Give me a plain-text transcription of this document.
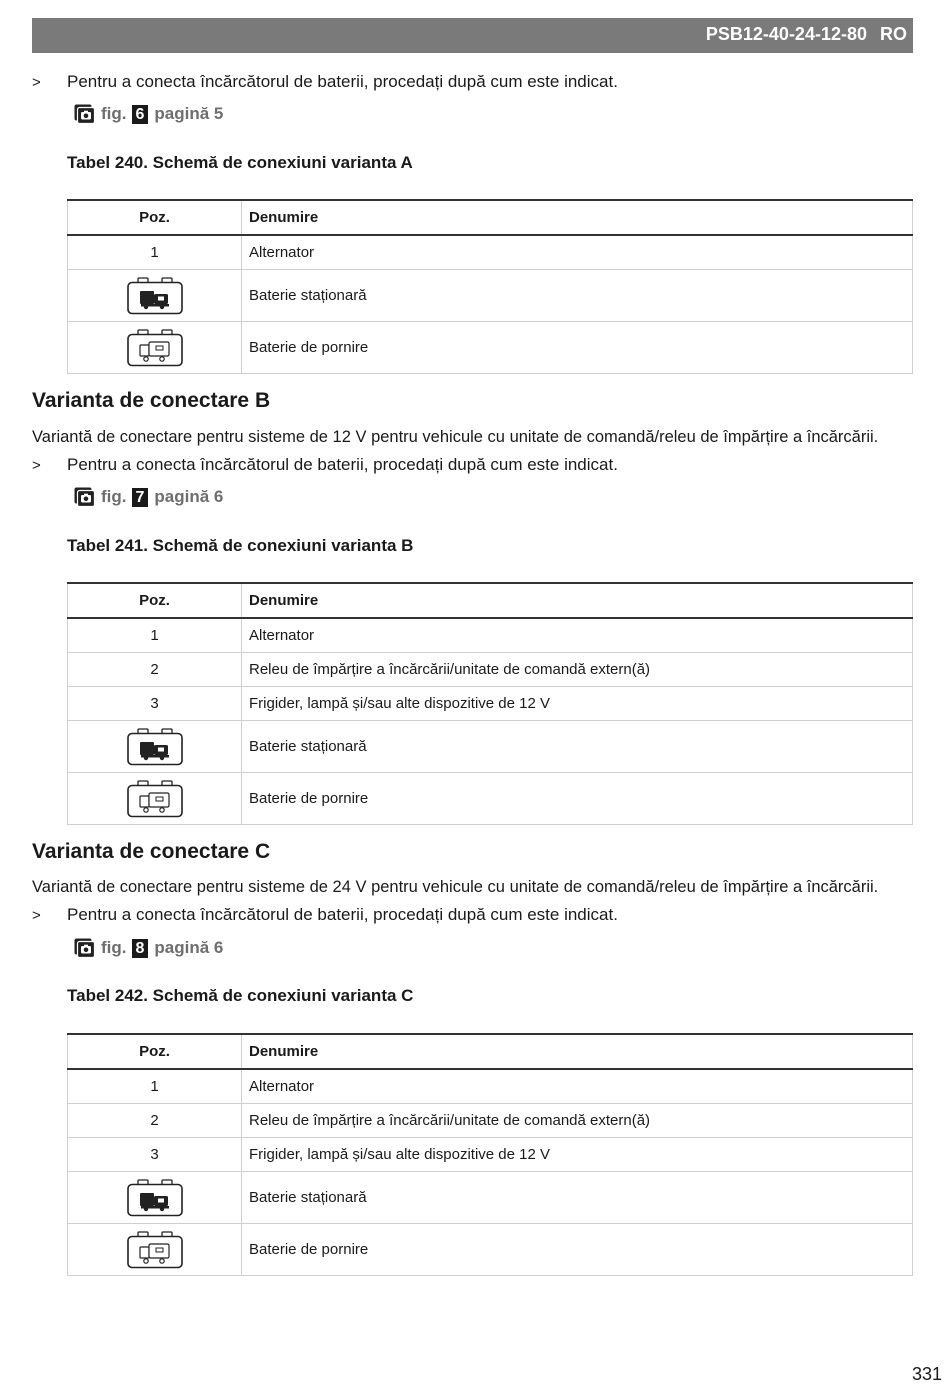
PSB12-40-24-12-80 RO
> Pentru a conecta încărcătorul de baterii, procedați după cum este indicat.
fig. 6 pagină 5
Tabel 240. Schemă de conexiuni varianta A
Poz.	Denumire
1	Alternator
	Baterie staționară
	Baterie de pornire
Varianta de conectare B
Variantă de conectare pentru sisteme de 12 V pentru vehicule cu unitate de comandă/releu de împărțire a încărcării.
> Pentru a conecta încărcătorul de baterii, procedați după cum este indicat.
fig. 7 pagină 6
Tabel 241. Schemă de conexiuni varianta B
Poz.	Denumire
1	Alternator
2	Releu de împărțire a încărcării/unitate de comandă extern(ă)
3	Frigider, lampă și/sau alte dispozitive de 12 V
	Baterie staționară
	Baterie de pornire
Varianta de conectare C
Variantă de conectare pentru sisteme de 24 V pentru vehicule cu unitate de comandă/releu de împărțire a încărcării.
> Pentru a conecta încărcătorul de baterii, procedați după cum este indicat.
fig. 8 pagină 6
Tabel 242. Schemă de conexiuni varianta C
Poz.	Denumire
1	Alternator
2	Releu de împărțire a încărcării/unitate de comandă extern(ă)
3	Frigider, lampă și/sau alte dispozitive de 12 V
	Baterie staționară
	Baterie de pornire
331
